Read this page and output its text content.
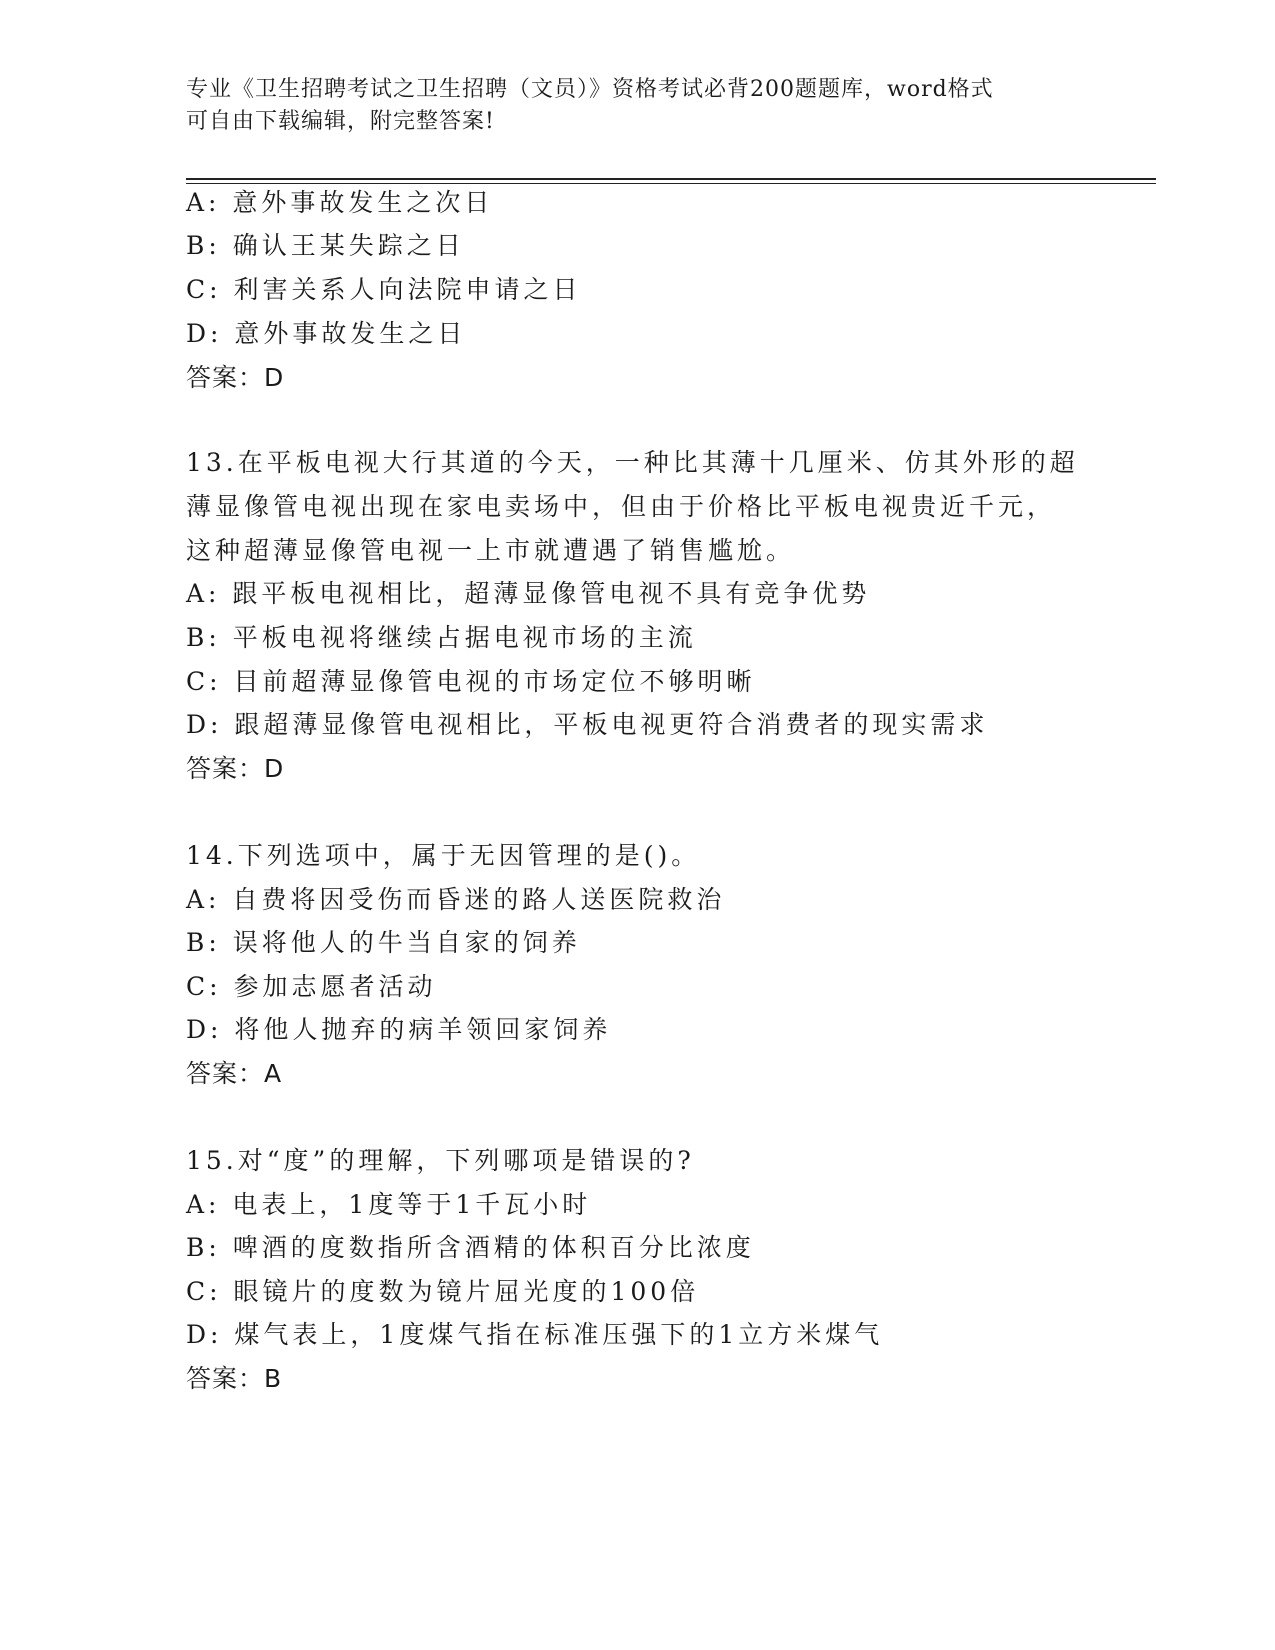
专业《卫生招聘考试之卫生招聘（文员）》资格考试必背200题题库，word格式
可自由下载编辑，附完整答案!
A: 意外事故发生之次日
B: 确认王某失踪之日
C: 利害关系人向法院申请之日
D: 意外事故发生之日
答案：D
13.在平板电视大行其道的今天，一种比其薄十几厘米、仿其外形的超
薄显像管电视出现在家电卖场中，但由于价格比平板电视贵近千元，
这种超薄显像管电视一上市就遭遇了销售尴尬。
A: 跟平板电视相比，超薄显像管电视不具有竞争优势
B: 平板电视将继续占据电视市场的主流
C: 目前超薄显像管电视的市场定位不够明晰
D: 跟超薄显像管电视相比，平板电视更符合消费者的现实需求
答案：D
14.下列选项中，属于无因管理的是()。
A: 自费将因受伤而昏迷的路人送医院救治
B: 误将他人的牛当自家的饲养
C: 参加志愿者活动
D: 将他人抛弃的病羊领回家饲养
答案：A
15.对“度”的理解，下列哪项是错误的?
A: 电表上，1度等于1千瓦小时
B: 啤酒的度数指所含酒精的体积百分比浓度
C: 眼镜片的度数为镜片屈光度的100倍
D: 煤气表上，1度煤气指在标准压强下的1立方米煤气
答案：B
